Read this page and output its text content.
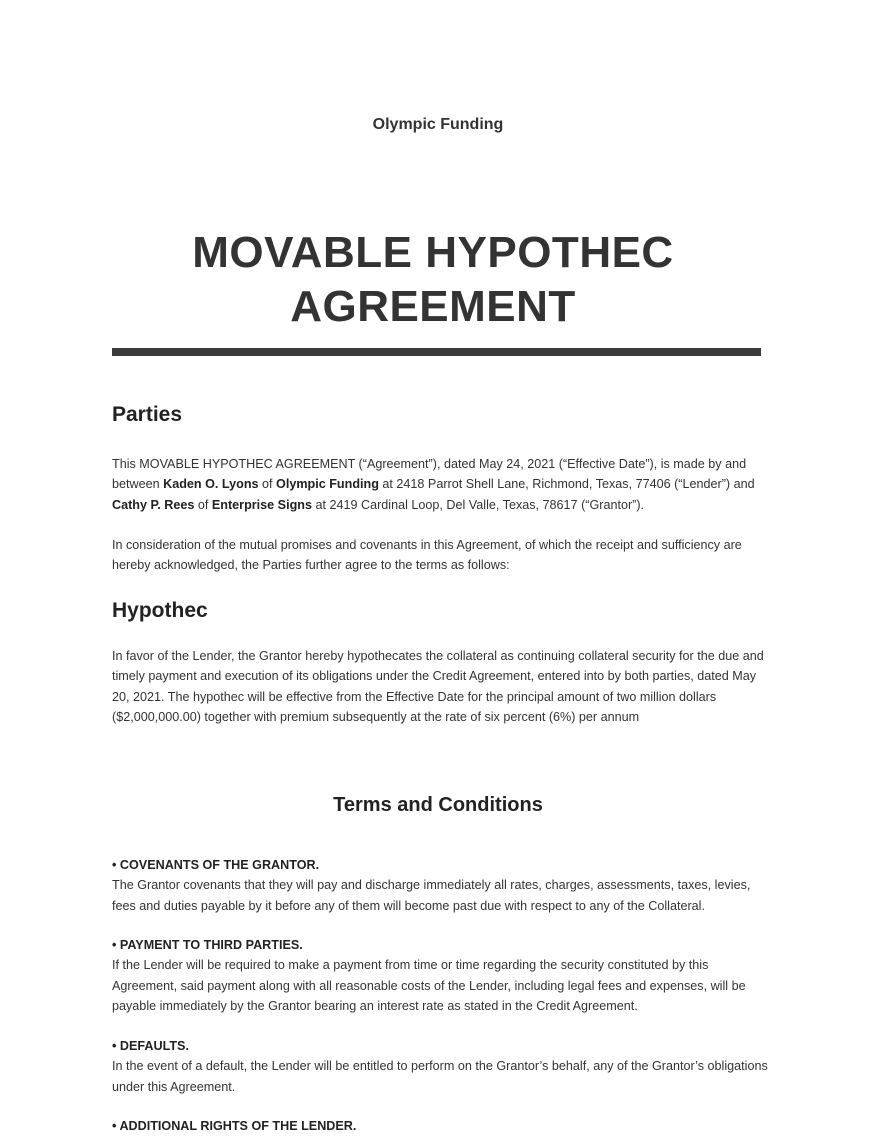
Olympic Funding
MOVABLE HYPOTHEC
AGREEMENT
Parties
This MOVABLE HYPOTHEC AGREEMENT (“Agreement”), dated May 24, 2021 (“Effective Date”), is made by and between Kaden O. Lyons of Olympic Funding at 2418 Parrot Shell Lane, Richmond, Texas, 77406 (“Lender”) and Cathy P. Rees of Enterprise Signs at 2419 Cardinal Loop, Del Valle, Texas, 78617 (“Grantor”).
In consideration of the mutual promises and covenants in this Agreement, of which the receipt and sufficiency are hereby acknowledged, the Parties further agree to the terms as follows:
Hypothec
In favor of the Lender, the Grantor hereby hypothecates the collateral as continuing collateral security for the due and timely payment and execution of its obligations under the Credit Agreement, entered into by both parties, dated May 20, 2021. The hypothec will be effective from the Effective Date for the principal amount of two million dollars ($2,000,000.00) together with premium subsequently at the rate of six percent (6%) per annum
Terms and Conditions
• COVENANTS OF THE GRANTOR.
The Grantor covenants that they will pay and discharge immediately all rates, charges, assessments, taxes, levies, fees and duties payable by it before any of them will become past due with respect to any of the Collateral.
• PAYMENT TO THIRD PARTIES.
If the Lender will be required to make a payment from time or time regarding the security constituted by this Agreement, said payment along with all reasonable costs of the Lender, including legal fees and expenses, will be payable immediately by the Grantor bearing an interest rate as stated in the Credit Agreement.
• DEFAULTS.
In the event of a default, the Lender will be entitled to perform on the Grantor’s behalf, any of the Grantor’s obligations under this Agreement.
• ADDITIONAL RIGHTS OF THE LENDER.
